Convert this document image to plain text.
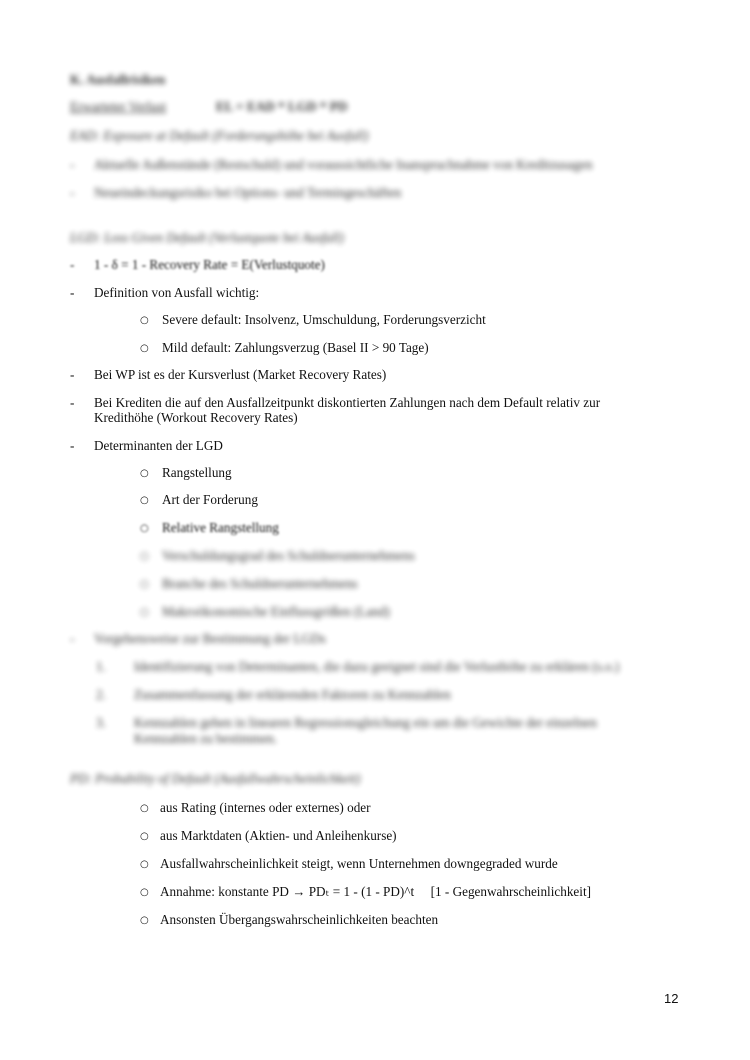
K. Ausfallrisiken
Erwarteter Verlust	EL = EAD * LGD * PD
EAD: Exposure at Default (Forderungshöhe bei Ausfall)
- Aktuelle Außenstände (Restschuld) und voraussichtliche Inanspruchnahme von Kreditzusagen
- Neueindeckungsrisiko bei Options- und Termingeschäften
LGD: Loss Given Default (Verlustquote bei Ausfall)
- 1 - δ = 1 - Recovery Rate = E(Verlustquote)
- Definition von Ausfall wichtig:
○ Severe default: Insolvenz, Umschuldung, Forderungsverzicht
○ Mild default: Zahlungsverzug (Basel II > 90 Tage)
- Bei WP ist es der Kursverlust (Market Recovery Rates)
- Bei Krediten die auf den Ausfallzeitpunkt diskontierten Zahlungen nach dem Default relativ zur
Kredithöhe (Workout Recovery Rates)
- Determinanten der LGD
○ Rangstellung
○ Art der Forderung
○ Relative Rangstellung
○ Verschuldungsgrad des Schuldnerunternehmens
○ Branche des Schuldnerunternehmens
○ Makroökonomische Einflussgrößen (Land)
- Vorgehensweise zur Bestimmung der LGDs
1. Identifizierung von Determinanten, die dazu geeignet sind die Verlusthöhe zu erklären (s.o.)
2. Zusammenfassung der erklärenden Faktoren zu Kennzahlen
3. Kennzahlen gehen in linearen Regressionsgleichung ein um die Gewichte der einzelnen
Kennzahlen zu bestimmen.
PD: Probability of Default (Ausfallwahrscheinlichkeit)
○ aus Rating (internes oder externes) oder
○ aus Marktdaten (Aktien- und Anleihenkurse)
○ Ausfallwahrscheinlichkeit steigt, wenn Unternehmen downgegraded wurde
○ Annahme: konstante PD → PDₜ = 1 - (1 - PD)^t     [1 - Gegenwahrscheinlichkeit]
○ Ansonsten Übergangswahrscheinlichkeiten beachten
12
